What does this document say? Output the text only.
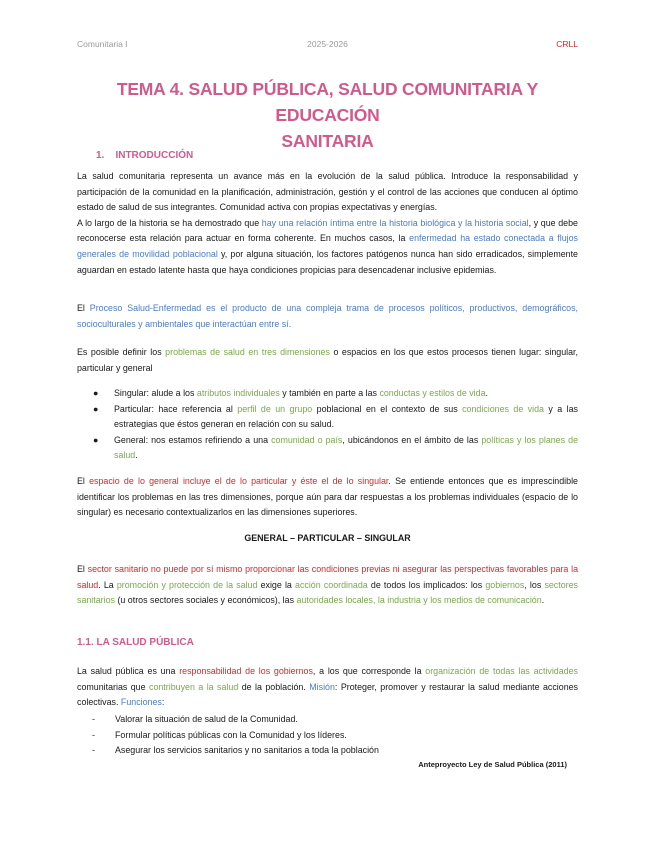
Comunitaria I	2025-2026	CRLL
TEMA 4. SALUD PÚBLICA, SALUD COMUNITARIA Y EDUCACIÓN
SANITARIA
1.    INTRODUCCIÓN
La salud comunitaria representa un avance más en la evolución de la salud pública. Introduce la responsabilidad y participación de la comunidad en la planificación, administración, gestión y el control de las acciones que conducen al óptimo estado de salud de sus integrantes. Comunidad activa con propias expectativas y energías.
A lo largo de la historia se ha demostrado que hay una relación íntima entre la historia biológica y la historia social, y que debe reconocerse esta relación para actuar en forma coherente. En muchos casos, la enfermedad ha estado conectada a flujos generales de movilidad poblacional y, por alguna situación, los factores patógenos nunca han sido erradicados, simplemente aguardan en estado latente hasta que haya condiciones propicias para desencadenar inclusive epidemias.
El Proceso Salud-Enfermedad es el producto de una compleja trama de procesos políticos, productivos, demográficos, socioculturales y ambientales que interactúan entre sí.
Es posible definir los problemas de salud en tres dimensiones o espacios en los que estos procesos tienen lugar: singular, particular y general
● Singular: alude a los atributos individuales y también en parte a las conductas y estilos de vida.
● Particular: hace referencia al perfil de un grupo poblacional en el contexto de sus condiciones de vida y a las estrategias que éstos generan en relación con su salud.
● General: nos estamos refiriendo a una comunidad o país, ubicándonos en el ámbito de las políticas y los planes de salud.
El espacio de lo general incluye el de lo particular y éste el de lo singular. Se entiende entonces que es imprescindible identificar los problemas en las tres dimensiones, porque aún para dar respuestas a los problemas individuales (espacio de lo singular) es necesario contextualizarlos en las dimensiones superiores.
GENERAL – PARTICULAR – SINGULAR
El sector sanitario no puede por sí mismo proporcionar las condiciones previas ni asegurar las perspectivas favorables para la salud. La promoción y protección de la salud exige la acción coordinada de todos los implicados: los gobiernos, los sectores sanitarios (u otros sectores sociales y económicos), las autoridades locales, la industria y los medios de comunicación.
1.1. LA SALUD PÚBLICA
La salud pública es una responsabilidad de los gobiernos, a los que corresponde la organización de todas las actividades comunitarias que contribuyen a la salud de la población. Misión: Proteger, promover y restaurar la salud mediante acciones colectivas. Funciones:
- Valorar la situación de salud de la Comunidad.
- Formular políticas públicas con la Comunidad y los líderes.
- Asegurar los servicios sanitarios y no sanitarios a toda la población
Anteproyecto Ley de Salud Pública (2011)
